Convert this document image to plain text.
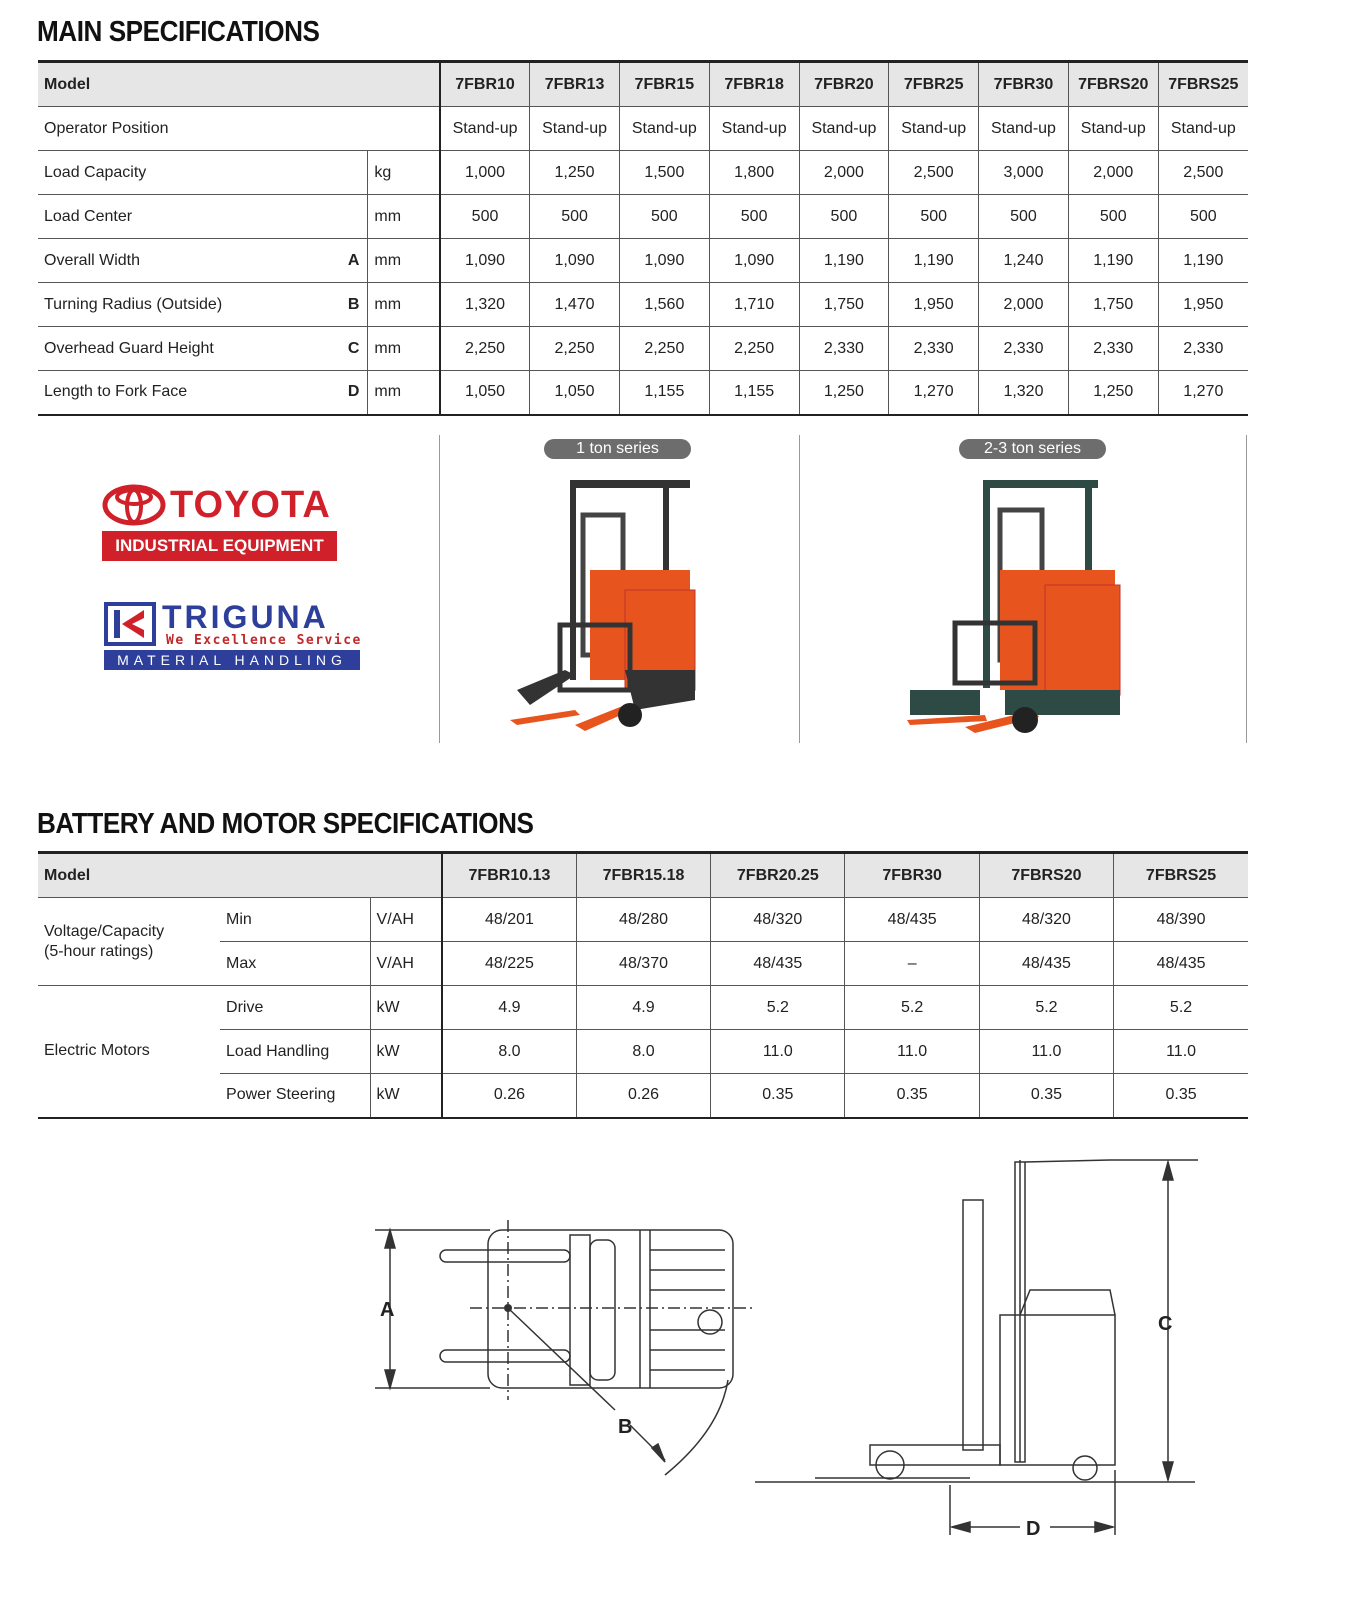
MAIN SPECIFICATIONS
Model			7FBR10	7FBR13	7FBR15	7FBR18	7FBR20	7FBR25	7FBR30	7FBRS20	7FBRS25
Operator Position			Stand-up	Stand-up	Stand-up	Stand-up	Stand-up	Stand-up	Stand-up	Stand-up	Stand-up
Load Capacity		kg	1,000	1,250	1,500	1,800	2,000	2,500	3,000	2,000	2,500
Load Center		mm	500	500	500	500	500	500	500	500	500
Overall Width	A	mm	1,090	1,090	1,090	1,090	1,190	1,190	1,240	1,190	1,190
Turning Radius (Outside)	B	mm	1,320	1,470	1,560	1,710	1,750	1,950	2,000	1,750	1,950
Overhead Guard Height	C	mm	2,250	2,250	2,250	2,250	2,330	2,330	2,330	2,330	2,330
Length to Fork Face	D	mm	1,050	1,050	1,155	1,155	1,250	1,270	1,320	1,250	1,270
TOYOTA
INDUSTRIAL EQUIPMENT
TRIGUNA
We Excellence Service
MATERIAL HANDLING
1 ton series	2-3 ton series
BATTERY AND MOTOR SPECIFICATIONS
Model			7FBR10.13	7FBR15.18	7FBR20.25	7FBR30	7FBRS20	7FBRS25
Voltage/Capacity
(5-hour ratings)	Min	V/AH	48/201	48/280	48/320	48/435	48/320	48/390
	Max	V/AH	48/225	48/370	48/435	–	48/435	48/435
Electric Motors	Drive	kW	4.9	4.9	5.2	5.2	5.2	5.2
	Load Handling	kW	8.0	8.0	11.0	11.0	11.0	11.0
	Power Steering	kW	0.26	0.26	0.35	0.35	0.35	0.35
A
B
C
D
